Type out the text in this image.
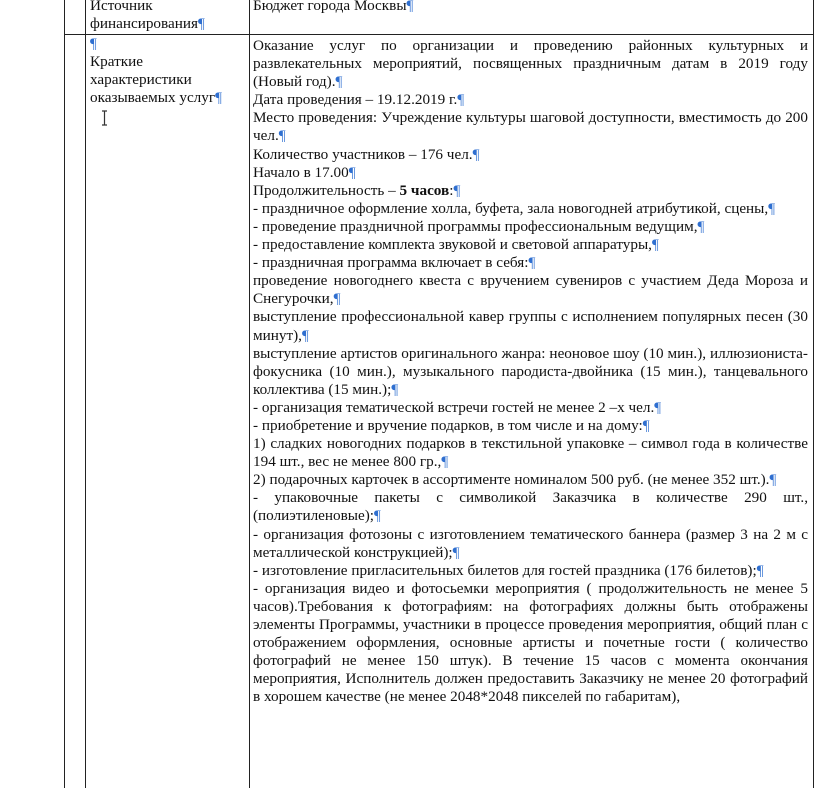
Источник финансирования¶
Бюджет города Москвы¶
¶
Краткие характеристики оказываемых услуг¶

Оказание услуг по организации и проведению районных культурных и развлекательных мероприятий, посвященных праздничным датам в 2019 году (Новый год).¶

Дата проведения – 19.12.2019 г.¶

Место проведения: Учреждение культуры шаговой доступности, вместимость до 200 чел.¶

Количество участников – 176 чел.¶

Начало в 17.00¶

Продолжительность – 5 часов:¶

- праздничное оформление холла, буфета, зала новогодней атрибутикой, сцены,¶

- проведение праздничной программы профессиональным ведущим,¶

- предоставление комплекта звуковой и световой аппаратуры,¶

- праздничная программа включает в себя:¶

проведение новогоднего квеста с вручением сувениров с участием Деда Мороза и Снегурочки,¶

выступление профессиональной кавер группы с исполнением популярных песен (30 минут),¶

выступление артистов оригинального жанра: неоновое шоу (10 мин.), иллюзиониста-фокусника (10 мин.), музыкального пародиста-двойника (15 мин.), танцевального коллектива (15 мин.);¶

- организация тематической встречи гостей не менее 2 –х чел.¶

- приобретение и вручение подарков, в том числе и на дому:¶

1) сладких новогодних подарков в текстильной упаковке – символ года в количестве 194 шт., вес не менее 800 гр.,¶

2) подарочных карточек в ассортименте номиналом 500 руб. (не менее 352 шт.).¶

- упаковочные пакеты с символикой Заказчика в количестве 290 шт., (полиэтиленовые);¶

- организация фотозоны с изготовлением тематического баннера (размер 3 на 2 м с металлической конструкцией);¶

- изготовление пригласительных билетов для гостей праздника (176 билетов);¶

- организация видео и фотосьемки мероприятия ( продолжительность не менее 5 часов).Требования к фотографиям: на фотографиях должны быть отображены элементы Программы, участники в процессе проведения мероприятия, общий план с отображением оформления, основные артисты и почетные гости ( количество фотографий не менее 150 штук). В течение 15 часов с момента окончания мероприятия, Исполнитель должен предоставить Заказчику не менее 20 фотографий в хорошем качестве (не менее 2048*2048 пикселей по габаритам),
